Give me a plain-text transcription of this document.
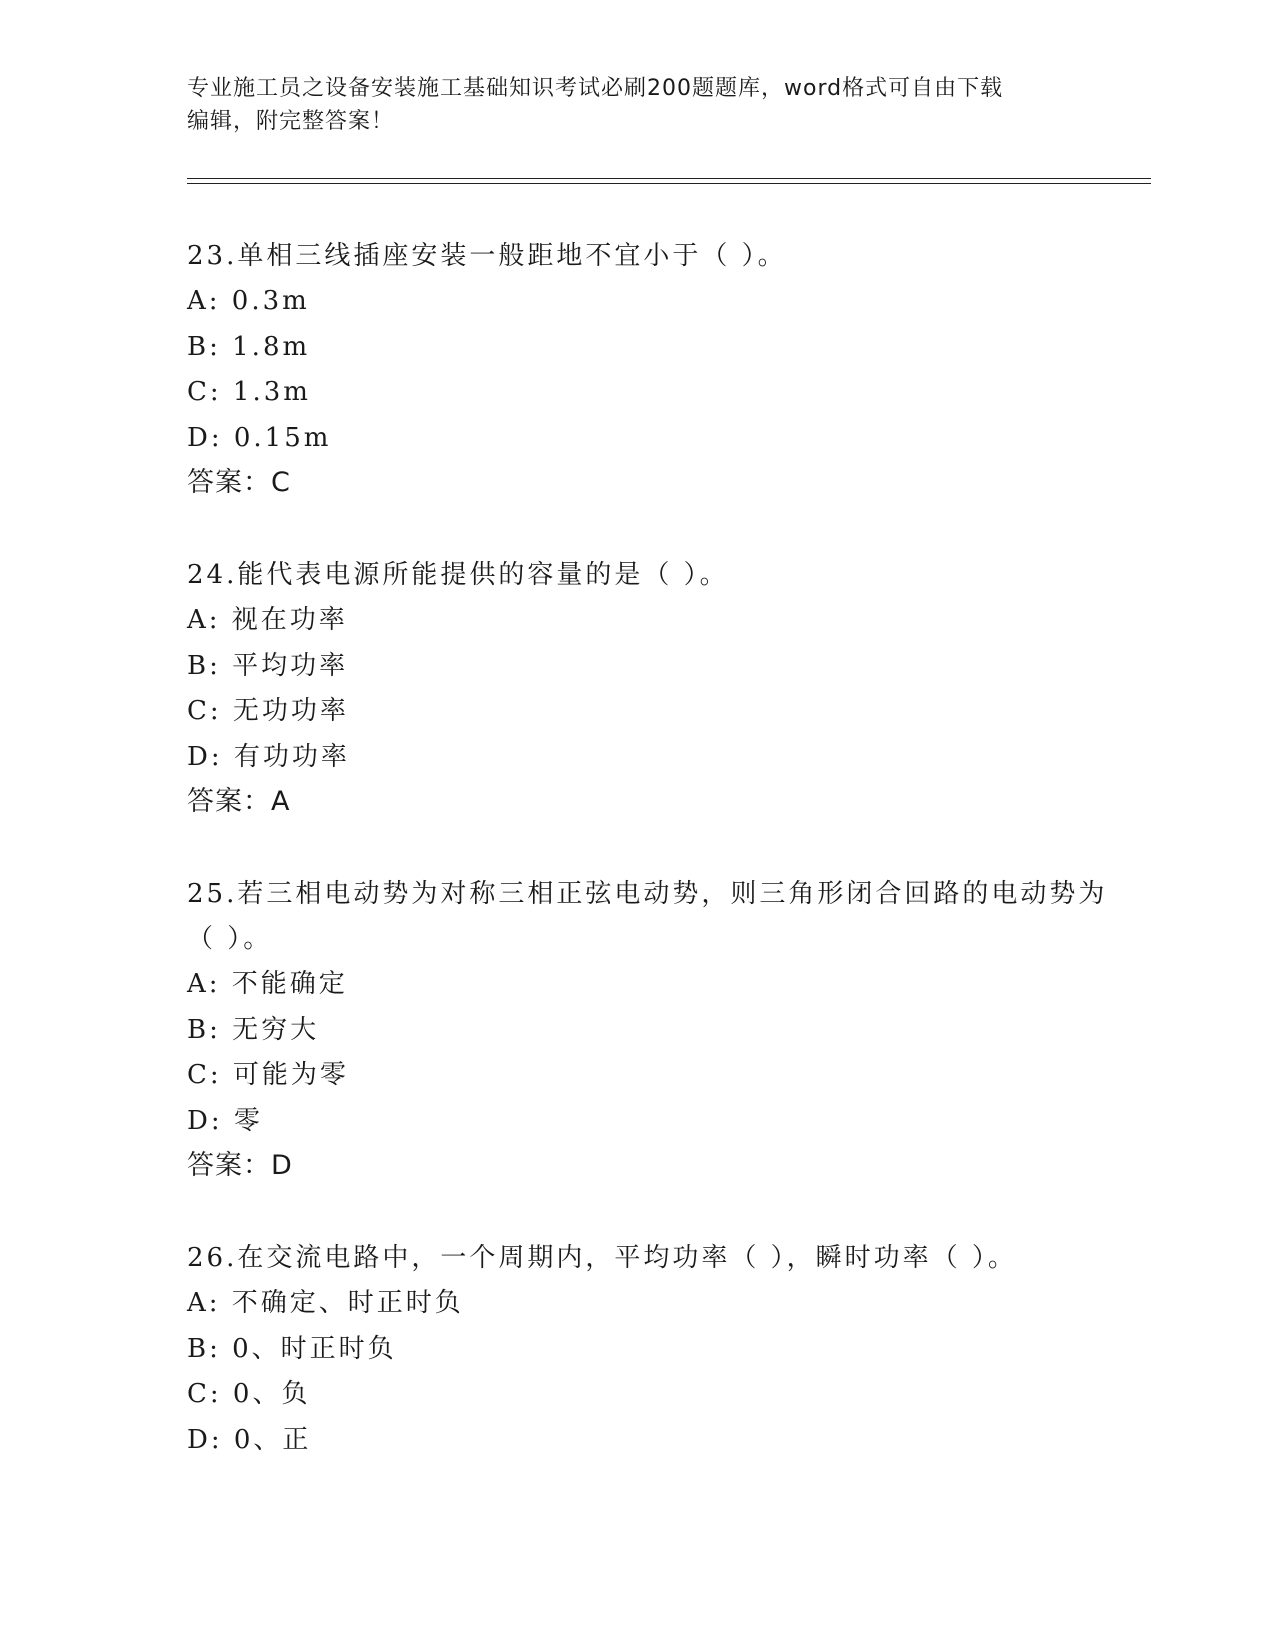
专业施工员之设备安装施工基础知识考试必刷200题题库，word格式可自由下载
编辑，附完整答案！
23.单相三线插座安装一般距地不宜小于（ ）。
A: 0.3m
B: 1.8m
C: 1.3m
D: 0.15m
答案：C
24.能代表电源所能提供的容量的是（ ）。
A: 视在功率
B: 平均功率
C: 无功功率
D: 有功功率
答案：A
25.若三相电动势为对称三相正弦电动势，则三角形闭合回路的电动势为（ ）。
A: 不能确定
B: 无穷大
C: 可能为零
D: 零
答案：D
26.在交流电路中，一个周期内，平均功率（ ），瞬时功率（ ）。
A: 不确定、时正时负
B: 0、时正时负
C: 0、负
D: 0、正
